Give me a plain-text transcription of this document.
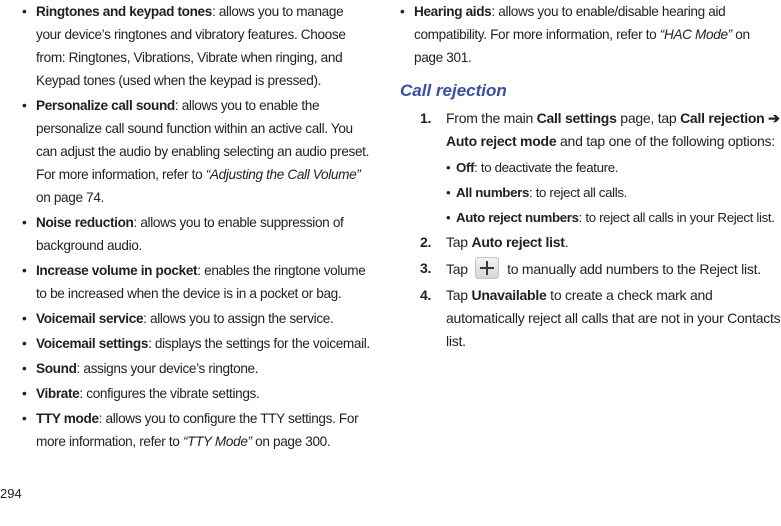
• Ringtones and keypad tones: allows you to manage your device’s ringtones and vibratory features. Choose from: Ringtones, Vibrations, Vibrate when ringing, and Keypad tones (used when the keypad is pressed).

• Personalize call sound: allows you to enable the personalize call sound function within an active call. You can adjust the audio by enabling selecting an audio preset. For more information, refer to “Adjusting the Call Volume” on page 74.

• Noise reduction: allows you to enable suppression of background audio.

• Increase volume in pocket: enables the ringtone volume to be increased when the device is in a pocket or bag.

• Voicemail service: allows you to assign the service.

• Voicemail settings: displays the settings for the voicemail.

• Sound: assigns your device’s ringtone.

• Vibrate: configures the vibrate settings.

• TTY mode: allows you to configure the TTY settings. For more information, refer to “TTY Mode” on page 300.

• Hearing aids: allows you to enable/disable hearing aid compatibility. For more information, refer to “HAC Mode” on page 301.

Call rejection

1. From the main Call settings page, tap Call rejection ➔ Auto reject mode and tap one of the following options:

• Off: to deactivate the feature.

• All numbers: to reject all calls.

• Auto reject numbers: to reject all calls in your Reject list.

2. Tap Auto reject list.

3. Tap  to manually add numbers to the Reject list.

4. Tap Unavailable to create a check mark and automatically reject all calls that are not in your Contacts list.

294
